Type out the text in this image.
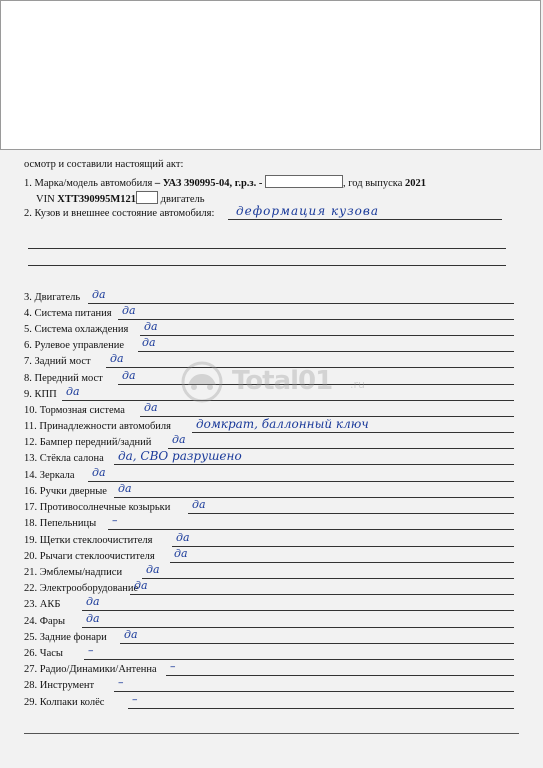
осмотр и составили настоящий акт:
1. Марка/модель автомобиля – УАЗ 390995-04, г.р.з. -	, год выпуска 2021
VIN XTT390995M121 двигатель
2. Кузов и внешнее состояние автомобиля: деформация кузова
3. Двигатель да
4. Система питания да
5. Система охлаждения да
6. Рулевое управление да
7. Задний мост да
8. Передний мост да
9. КПП да
10. Тормозная система да
11. Принадлежности автомобиля домкрат, баллонный ключ
12. Бампер передний/задний да
13. Стёкла салона да, СВО разрушено
14. Зеркала да
16. Ручки дверные да
17. Противосолнечные козырьки да
18. Пепельницы –
19. Щетки стеклоочистителя да
20. Рычаги стеклоочистителя да
21. Эмблемы/надписи да
22. Электрооборудование
да
23. АКБ да
24. Фары да
25. Задние фонари да
26. Часы –
27. Радио/Динамики/Антенна –
28. Инструмент –
29. Колпаки колёс	–
Total01 .ru
